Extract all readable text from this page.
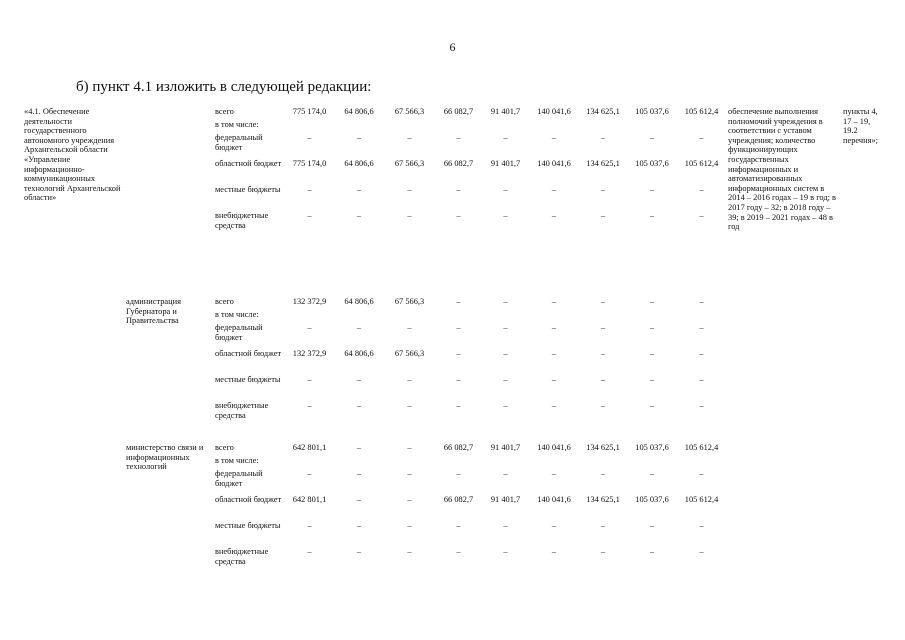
6
б) пункт 4.1 изложить в следующей редакции:
«4.1. Обеспечение деятельности государственного автономного учреждения Архангельской области «Управление информационно-коммуникационных технологий Архангельской области»		всего	775 174,0	64 806,6	67 566,3	66 082,7	91 401,7	140 041,6	134 625,1	105 037,6	105 612,4	обеспечение выполнения полномочий учреждения в соответствии с уставом учреждения; количество функционирующих государственных информационных и автоматизированных информационных систем в 2014 – 2016 годах – 19 в год; в 2017 году – 32; в 2018 году – 39; в 2019 – 2021 годах – 48 в год	пункты 4, 17 – 19, 19.2 перечня»;
		в том числе:											
		федеральный бюджет	–	–	–	–	–	–	–	–	–		
		областной бюджет	775 174,0	64 806,6	67 566,3	66 082,7	91 401,7	140 041,6	134 625,1	105 037,6	105 612,4		
		местные бюджеты	–	–	–	–	–	–	–	–	–		
		внебюджетные средства	–	–	–	–	–	–	–	–	–		
	администрация Губернатора и Правительства	всего	132 372,9	64 806,6	67 566,3	–	–	–	–	–	–		
		в том числе:											
		федеральный бюджет	–	–	–	–	–	–	–	–	–		
		областной бюджет	132 372,9	64 806,6	67 566,3	–	–	–	–	–	–		
		местные бюджеты	–	–	–	–	–	–	–	–	–		
		внебюджетные средства	–	–	–	–	–	–	–	–	–		
	министерство связи и информационных технологий	всего	642 801,1	–	–	66 082,7	91 401,7	140 041,6	134 625,1	105 037,6	105 612,4		
		в том числе:											
		федеральный бюджет	–	–	–	–	–	–	–	–	–		
		областной бюджет	642 801,1	–	–	66 082,7	91 401,7	140 041,6	134 625,1	105 037,6	105 612,4		
		местные бюджеты	–	–	–	–	–	–	–	–	–		
		внебюджетные средства	–	–	–	–	–	–	–	–	–		
